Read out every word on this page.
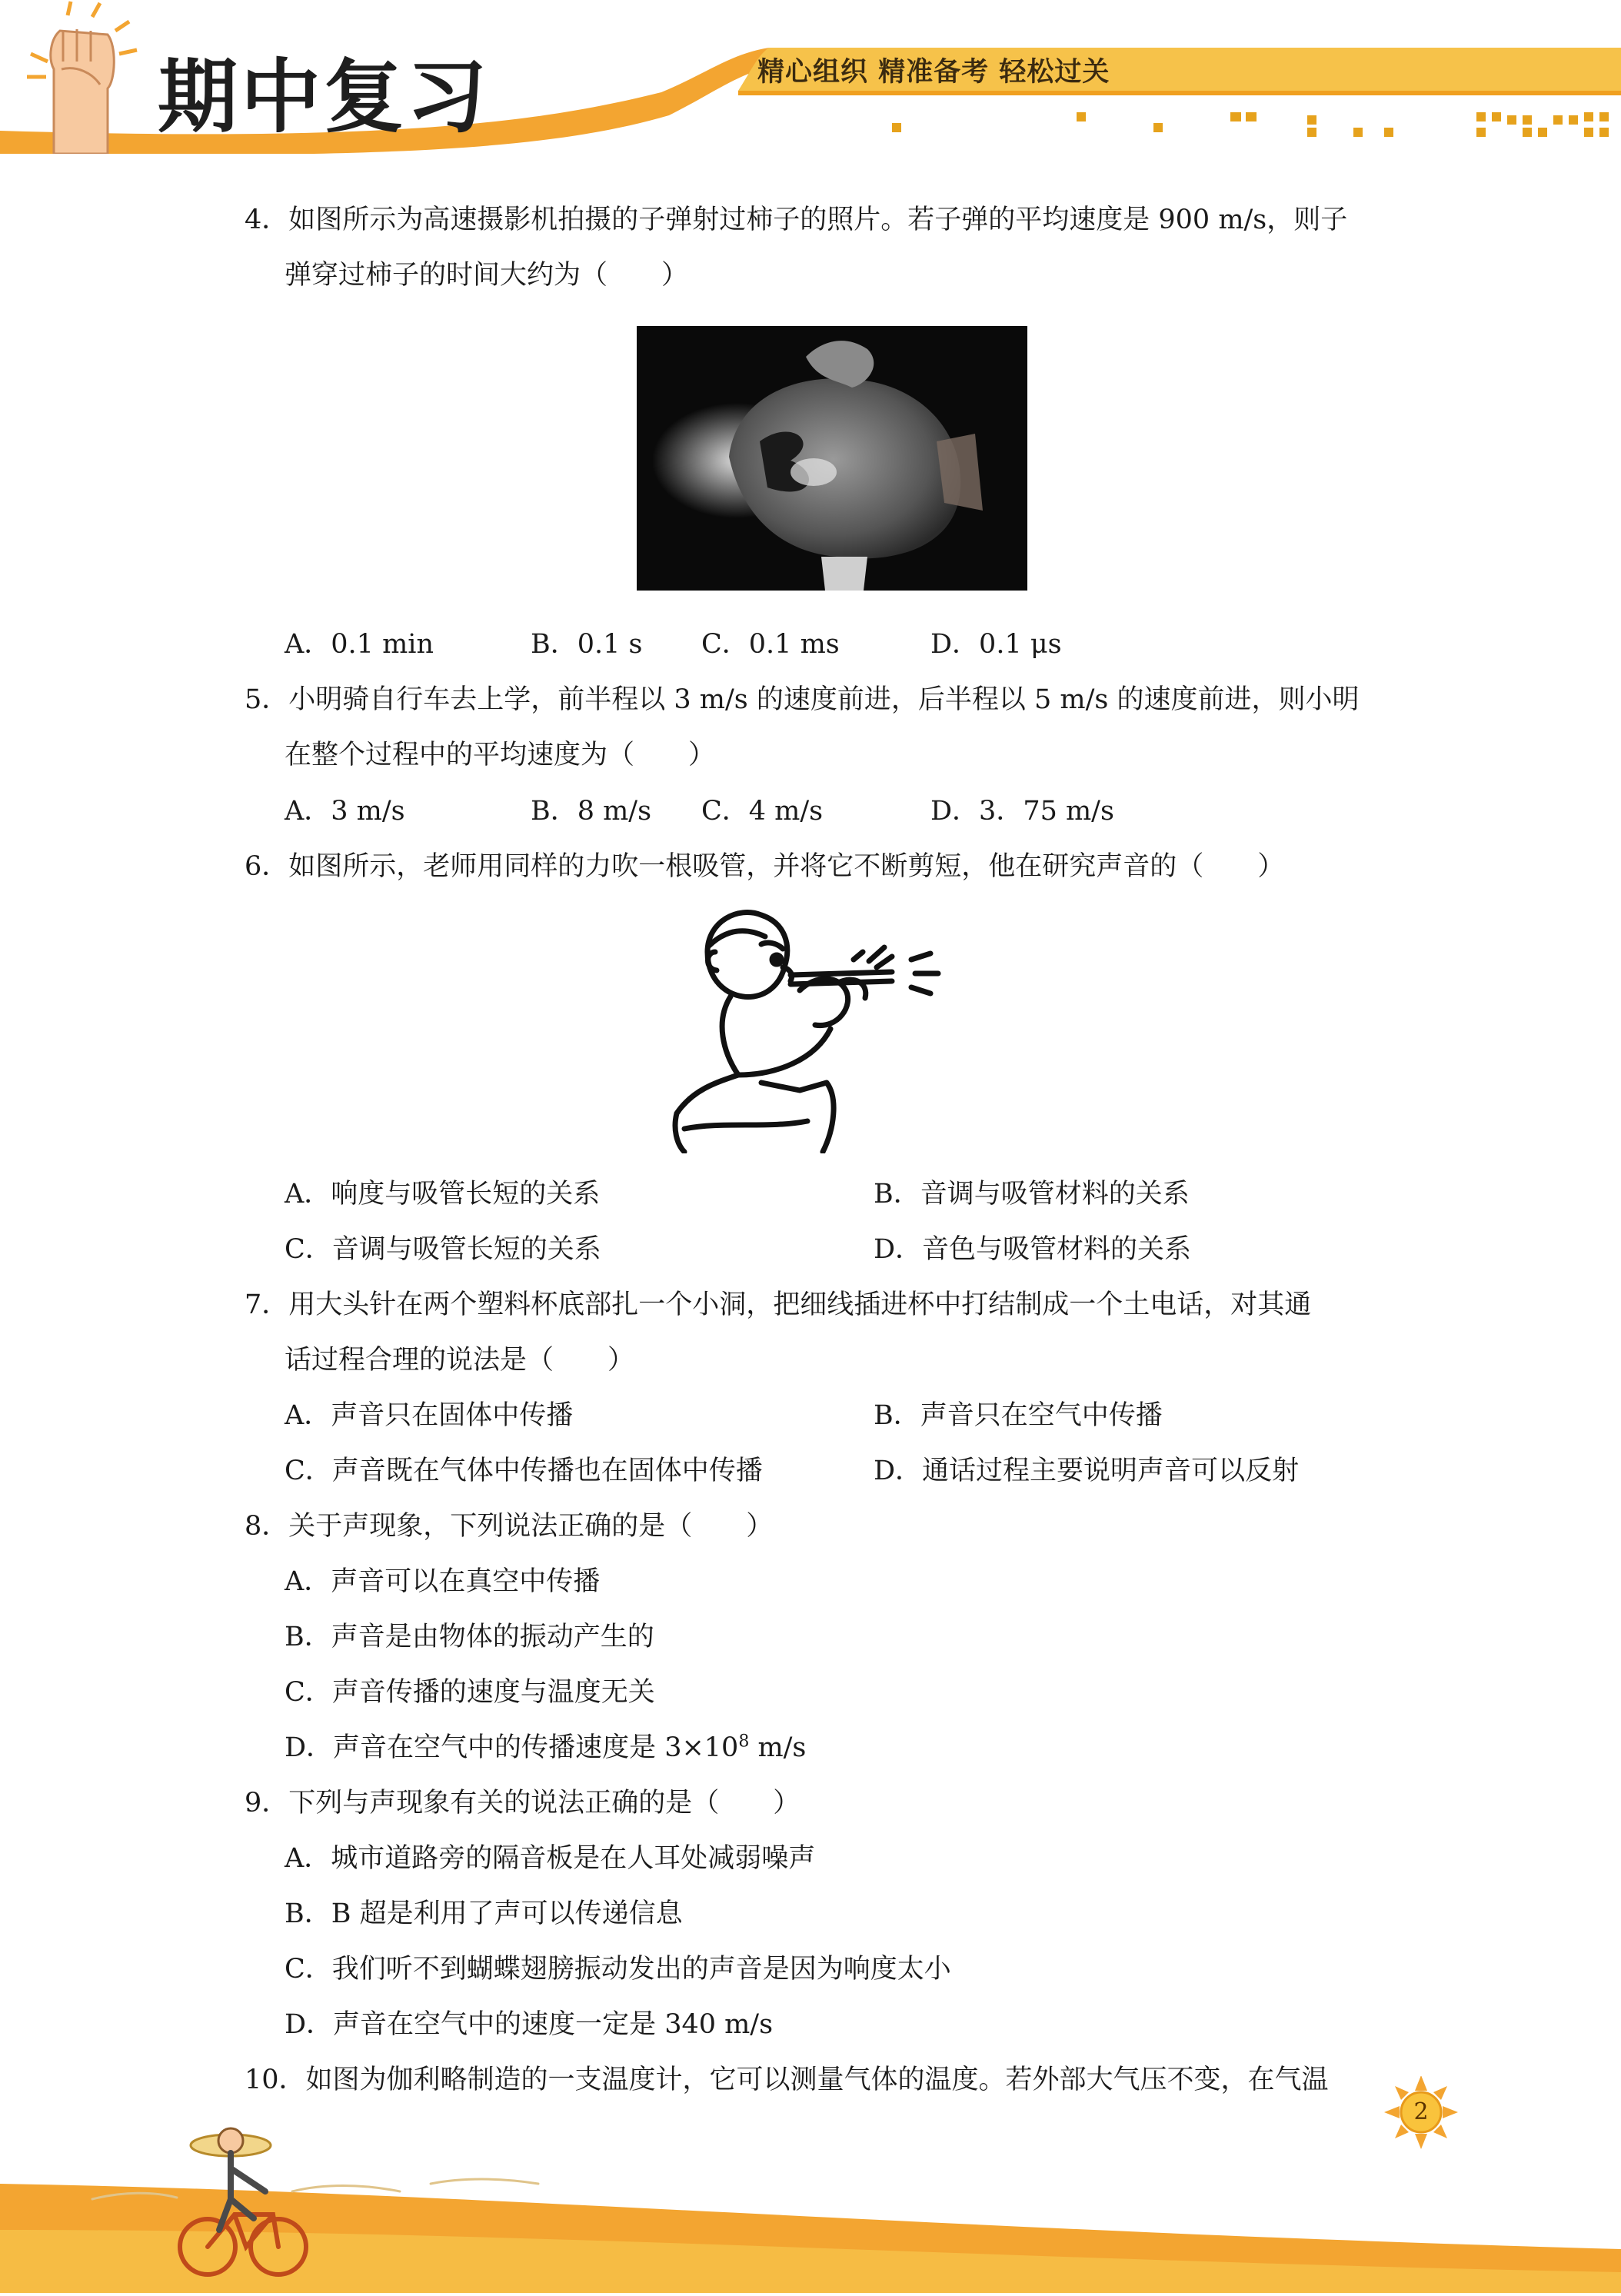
期中复习	精心组织 精准备考 轻松过关
4．如图所示为高速摄影机拍摄的子弹射过柿子的照片。若子弹的平均速度是 900 m/s，则子
弹穿过柿子的时间大约为（　　）
A．0.1 min	B．0.1 s C．0.1 ms	D．0.1 μs
5．小明骑自行车去上学，前半程以 3 m/s 的速度前进，后半程以 5 m/s 的速度前进，则小明
在整个过程中的平均速度为（　　）
A．3 m/s	B．8 m/s C．4 m/s	D．3．75 m/s
6．如图所示，老师用同样的力吹一根吸管，并将它不断剪短，他在研究声音的（　　）
A．响度与吸管长短的关系	B．音调与吸管材料的关系
C．音调与吸管长短的关系	D．音色与吸管材料的关系
7．用大头针在两个塑料杯底部扎一个小洞，把细线插进杯中打结制成一个土电话，对其通
话过程合理的说法是（　　）
A．声音只在固体中传播	B．声音只在空气中传播
C．声音既在气体中传播也在固体中传播	D．通话过程主要说明声音可以反射
8．关于声现象，下列说法正确的是（　　）
A．声音可以在真空中传播
B．声音是由物体的振动产生的
C．声音传播的速度与温度无关
D．声音在空气中的传播速度是 $3\times 10^8$ m/s
9．下列与声现象有关的说法正确的是（　　）
A．城市道路旁的隔音板是在人耳处减弱噪声
B．B 超是利用了声可以传递信息
C．我们听不到蝴蝶翅膀振动发出的声音是因为响度太小
D．声音在空气中的速度一定是 340 m/s
10．如图为伽利略制造的一支温度计，它可以测量气体的温度。若外部大气压不变，在气温
2
